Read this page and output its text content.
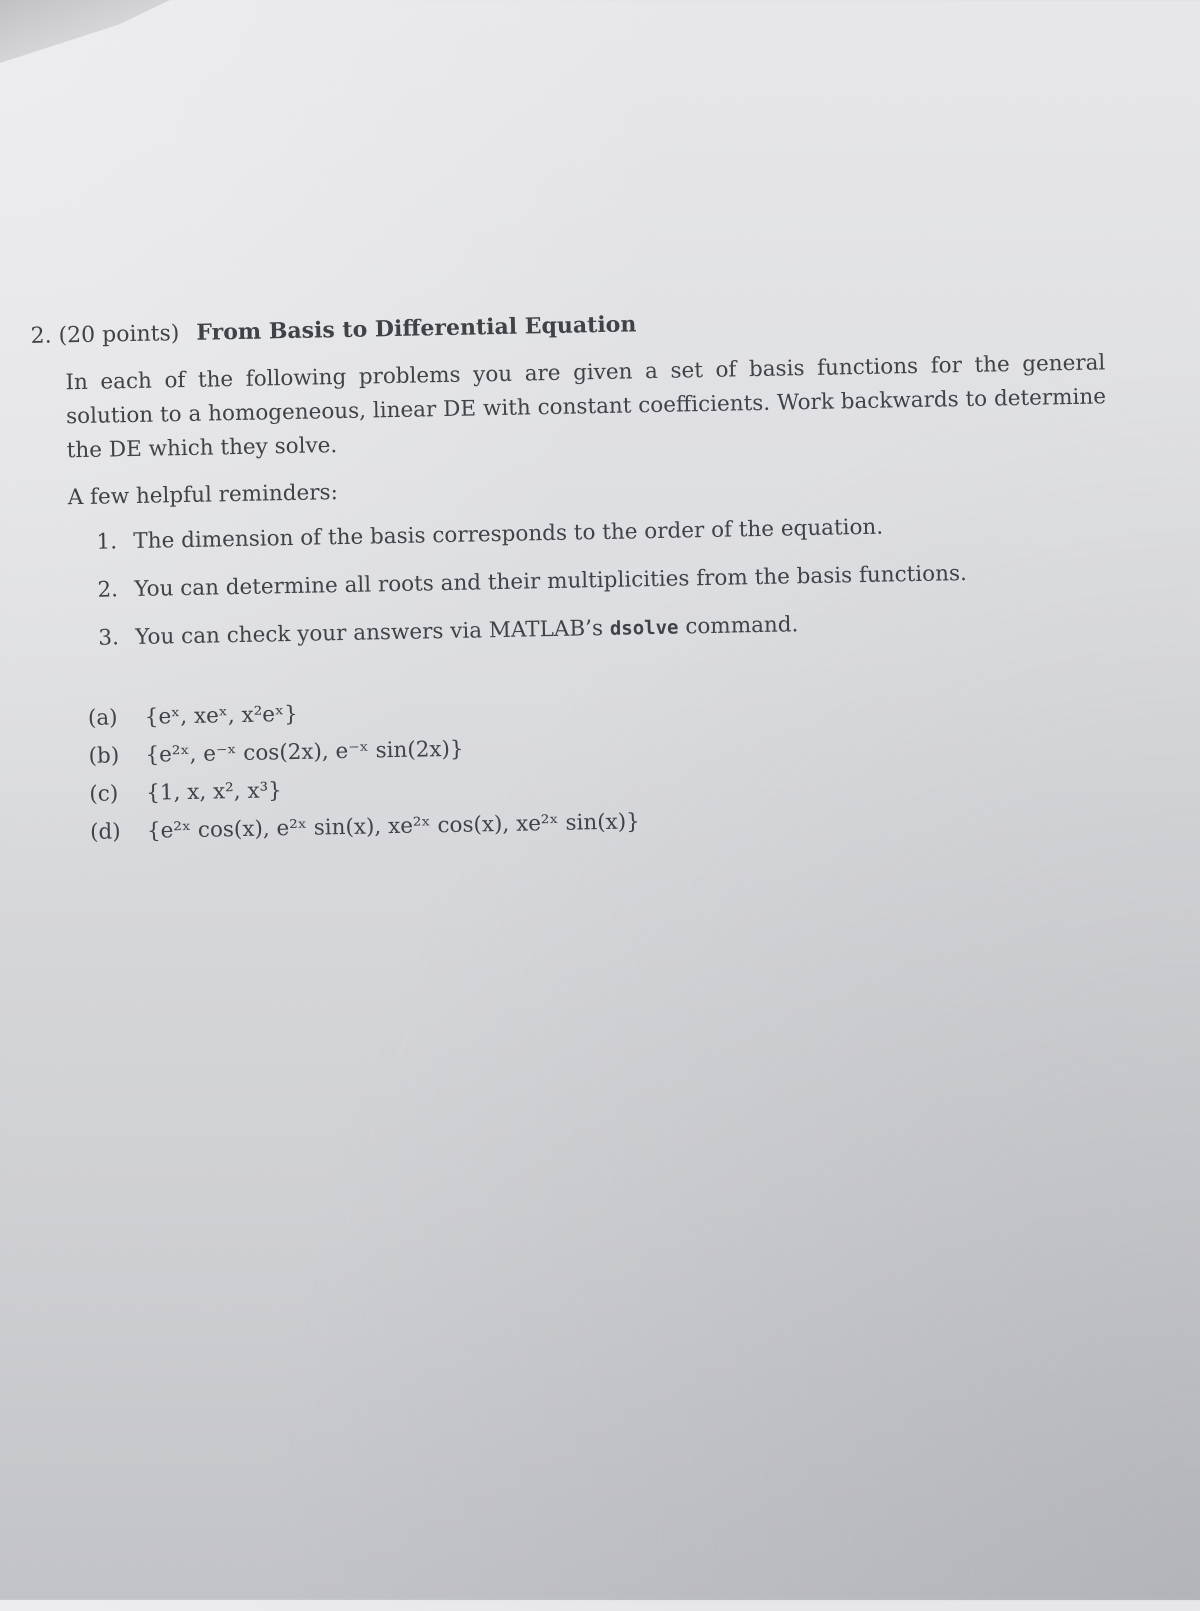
2. (20 points) From Basis to Differential Equation
In each of the following problems you are given a set of basis functions for the general solution to a homogeneous, linear DE with constant coefficients. Work backwards to determine the DE which they solve.
A few helpful reminders:
1. The dimension of the basis corresponds to the order of the equation.
2. You can determine all roots and their multiplicities from the basis functions.
3. You can check your answers via MATLAB’s dsolve command.
(a) {eˣ, xeˣ, x²eˣ}
(b) {e²ˣ, e⁻ˣ cos(2x), e⁻ˣ sin(2x)}
(c) {1, x, x², x³}
(d) {e²ˣ cos(x), e²ˣ sin(x), xe²ˣ cos(x), xe²ˣ sin(x)}
